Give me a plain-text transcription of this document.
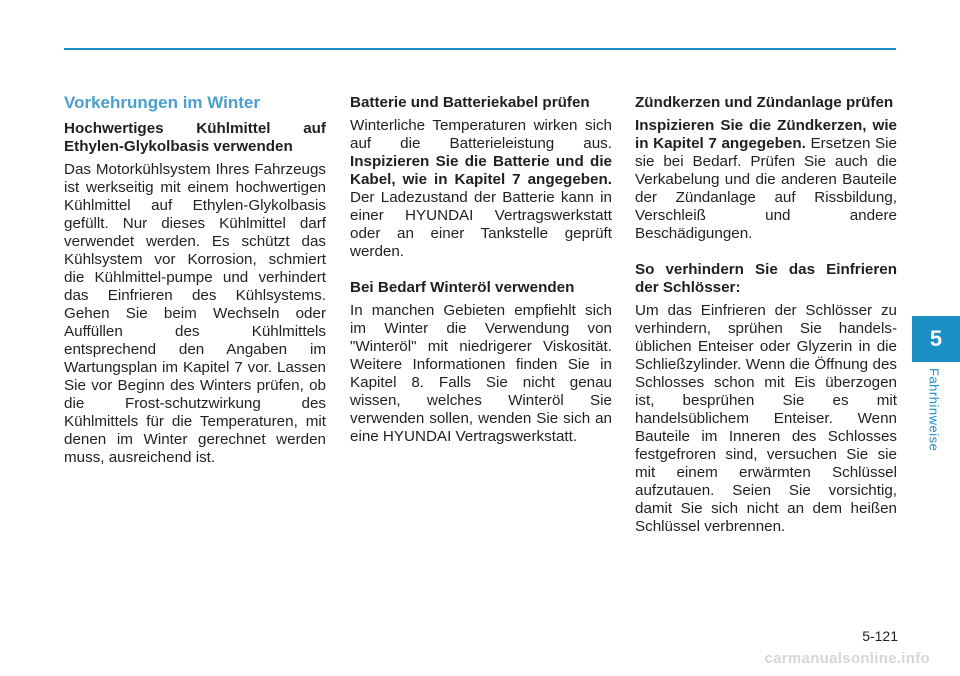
Vorkehrungen im Winter
Hochwertiges Kühlmittel auf Ethylen-Glykolbasis verwenden

Das Motorkühlsystem Ihres Fahrzeugs ist werkseitig mit einem hochwertigen Kühlmittel auf Ethylen-Glykolbasis gefüllt. Nur dieses Kühlmittel darf verwendet werden. Es schützt das Kühlsystem vor Korrosion, schmiert die Kühlmittel-pumpe und verhindert das Einfrieren des Kühlsystems. Gehen Sie beim Wechseln oder Auffüllen des Kühlmittels entsprechend den Angaben im Wartungsplan im Kapitel 7 vor. Lassen Sie vor Beginn des Winters prüfen, ob die Frost-schutzwirkung des Kühlmittels für die Temperaturen, mit denen im Winter gerechnet werden muss, ausreichend ist.

Batterie und Batteriekabel prüfen

Winterliche Temperaturen wirken sich auf die Batterieleistung aus. Inspizieren Sie die Batterie und die Kabel, wie in Kapitel 7 angegeben. Der Ladezustand der Batterie kann in einer HYUNDAI Vertragswerkstatt oder an einer Tankstelle geprüft werden.

Bei Bedarf Winteröl verwenden

In manchen Gebieten empfiehlt sich im Winter die Verwendung von "Winteröl" mit niedrigerer Viskosität. Weitere Informationen finden Sie in Kapitel 8. Falls Sie nicht genau wissen, welches Winteröl Sie verwenden sollen, wenden Sie sich an eine HYUNDAI Vertragswerkstatt.

Zündkerzen und Zündanlage prüfen

Inspizieren Sie die Zündkerzen, wie in Kapitel 7 angegeben. Ersetzen Sie sie bei Bedarf. Prüfen Sie auch die Verkabelung und die anderen Bauteile der Zündanlage auf Rissbildung, Verschleiß und andere Beschädigungen.

So verhindern Sie das Einfrieren der Schlösser:

Um das Einfrieren der Schlösser zu verhindern, sprühen Sie handels-üblichen Enteiser oder Glyzerin in die Schließzylinder. Wenn die Öffnung des Schlosses schon mit Eis überzogen ist, besprühen Sie es mit handelsüblichem Enteiser. Wenn Bauteile im Inneren des Schlosses festgefroren sind, versuchen Sie sie mit einem erwärmten Schlüssel aufzutauen. Seien Sie vorsichtig, damit Sie sich nicht an dem heißen Schlüssel verbrennen.

5
Fahrhinweise
5-121
carmanualsonline.info
